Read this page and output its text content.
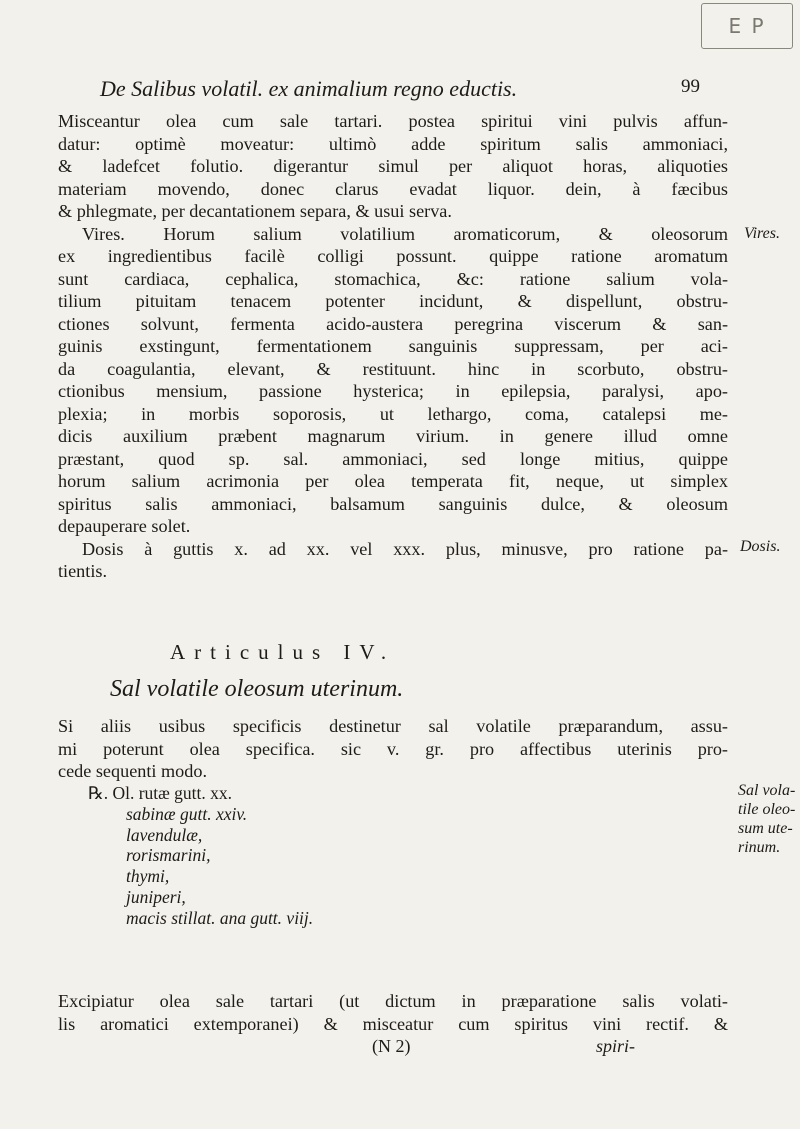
E P
De Salibus volatil. ex animalium regno eductis.	99
Misceantur olea cum sale tartari. postea spiritui vini pulvis affun-
datur: optimè moveatur: ultimò adde spiritum salis ammoniaci,
& ladefcet folutio. digerantur simul per aliquot horas, aliquoties
materiam movendo, donec clarus evadat liquor. dein, à fæcibus
& phlegmate, per decantationem separa, & usui serva.
Vires. Horum salium volatilium aromaticorum, & oleosorum
ex ingredientibus facilè colligi possunt. quippe ratione aromatum
sunt cardiaca, cephalica, stomachica, &c: ratione salium vola-
tilium pituitam tenacem potenter incidunt, & dispellunt, obstru-
ctiones solvunt, fermenta acido-austera peregrina viscerum & san-
guinis exstingunt, fermentationem sanguinis suppressam, per aci-
da coagulantia, elevant, & restituunt. hinc in scorbuto, obstru-
ctionibus mensium, passione hysterica; in epilepsia, paralysi, apo-
plexia; in morbis soporosis, ut lethargo, coma, catalepsi me-
dicis auxilium præbent magnarum virium. in genere illud omne
præstant, quod sp. sal. ammoniaci, sed longe mitius, quippe
horum salium acrimonia per olea temperata fit, neque, ut simplex
spiritus salis ammoniaci, balsamum sanguinis dulce, & oleosum
depauperare solet.
Dosis à guttis x. ad xx. vel xxx. plus, minusve, pro ratione pa-
tientis.
Articulus IV.
Sal volatile oleosum uterinum.
Si aliis usibus specificis destinetur sal volatile præparandum, assu-
mi poterunt olea specifica. sic v. gr. pro affectibus uterinis pro-
cede sequenti modo.
℞. Ol. rutæ gutt. xx.
sabinæ gutt. xxiv.
lavendulæ,
rorismarini,
thymi,
juniperi,
macis stillat. ana gutt. viij.
Excipiatur olea sale tartari (ut dictum in præparatione salis volati-
lis aromatici extemporanei) & misceatur cum spiritus vini rectif. &
(N 2)	spiri-
Vires.
Dosis.
Sal vola-
tile oleo-
sum ute-
rinum.
